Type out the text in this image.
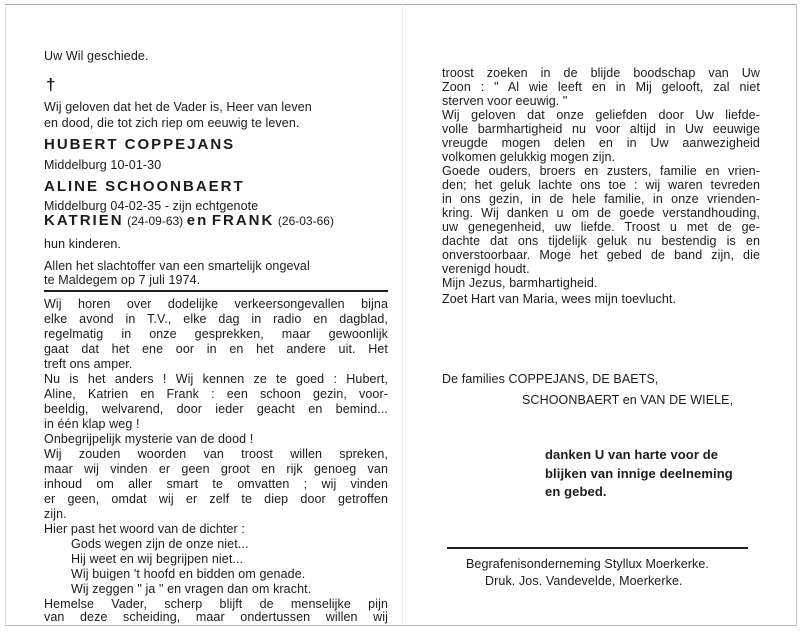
Uw Wil geschiede.
†
Wij geloven dat het de Vader is, Heer van leven
en dood, die tot zich riep om eeuwig te leven.
HUBERT COPPEJANS
Middelburg 10-01-30
ALINE SCHOONBAERT
Middelburg 04-02-35 - zijn echtgenote
KATRIEN (24-09-63) en FRANK (26-03-66)
hun kinderen.
Allen het slachtoffer van een smartelijk ongeval
te Maldegem op 7 juli 1974.
Wij horen over dodelijke verkeersongevallen bijna
elke avond in T.V., elke dag in radio en dagblad,
regelmatig in onze gesprekken, maar gewoonlijk
gaat dat het ene oor in en het andere uit. Het
treft ons amper.
Nu is het anders ! Wij kennen ze te goed : Hubert,
Aline, Katrien en Frank : een schoon gezin, voor-
beeldig, welvarend, door ieder geacht en bemind...
in één klap weg !
Onbegrijpelijk mysterie van de dood !
Wij zouden woorden van troost willen spreken,
maar wij vinden er geen groot en rijk genoeg van
inhoud om aller smart te omvatten ; wij vinden
er geen, omdat wij er zelf te diep door getroffen
zijn.
Hier past het woord van de dichter :
Gods wegen zijn de onze niet...
Hij weet en wij begrijpen niet...
Wij buigen 't hoofd en bidden om genade.
Wij zeggen " ja " en vragen dan om kracht.
Hemelse Vader, scherp blijft de menselijke pijn
van deze scheiding, maar ondertussen willen wij
troost zoeken in de blijde boodschap van Uw
Zoon : " Al wie leeft en in Mij gelooft, zal niet
sterven voor eeuwig. "
Wij geloven dat onze geliefden door Uw liefde-
volle barmhartigheid nu voor altijd in Uw eeuwige
vreugde mogen delen en in Uw aanwezigheid
volkomen gelukkig mogen zijn.
Goede ouders, broers en zusters, familie en vrien-
den; het geluk lachte ons toe : wij waren tevreden
in ons gezin, in de hele familie, in onze vrienden-
kring. Wij danken u om de goede verstandhouding,
uw genegenheid, uw liefde. Troost u met de ge-
dachte dat ons tijdelijk geluk nu bestendig is en
onverstoorbaar. Moge het gebed de band zijn, die
verenigd houdt.
Mijn Jezus, barmhartigheid.
Zoet Hart van Maria, wees mijn toevlucht.
De families COPPEJANS, DE BAETS,
SCHOONBAERT en VAN DE WIELE,
danken U van harte voor de
blijken van innige deelneming
en gebed.
Begrafenisonderneming Styllux Moerkerke.
Druk. Jos. Vandevelde, Moerkerke.
